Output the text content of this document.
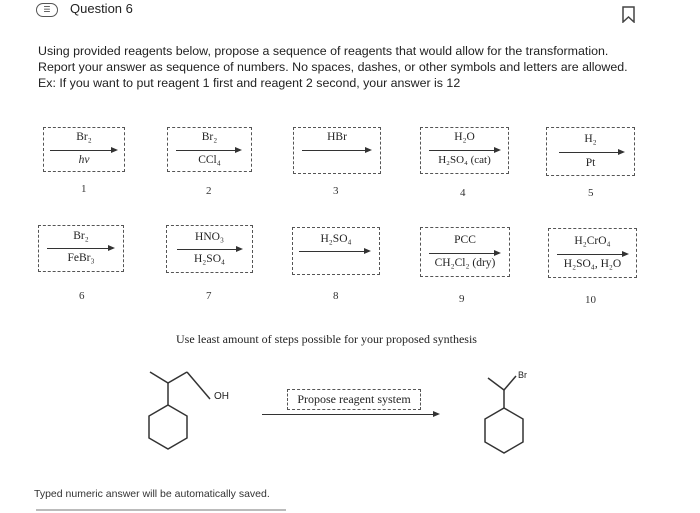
☰	Question 6
Using provided reagents below, propose a sequence of reagents that would allow for the transformation.
Report your answer as sequence of numbers. No spaces, dashes, or other symbols and letters are allowed.
Ex: If you want to put reagent 1 first and reagent 2 second, your answer is 12
Br₂
hν
1
Br₂
CCl₄
2
HBr
3
H₂O
H₂SO₄ (cat)
4
H₂
Pt
5
Br₂
FeBr₃
6
HNO₃
H₂SO₄
7
H₂SO₄
8
PCC
CH₂Cl₂ (dry)
9
H₂CrO₄
H₂SO₄, H₂O
10
Use least amount of steps possible for your proposed synthesis
OH	Propose reagent system
Br
Typed numeric answer will be automatically saved.
